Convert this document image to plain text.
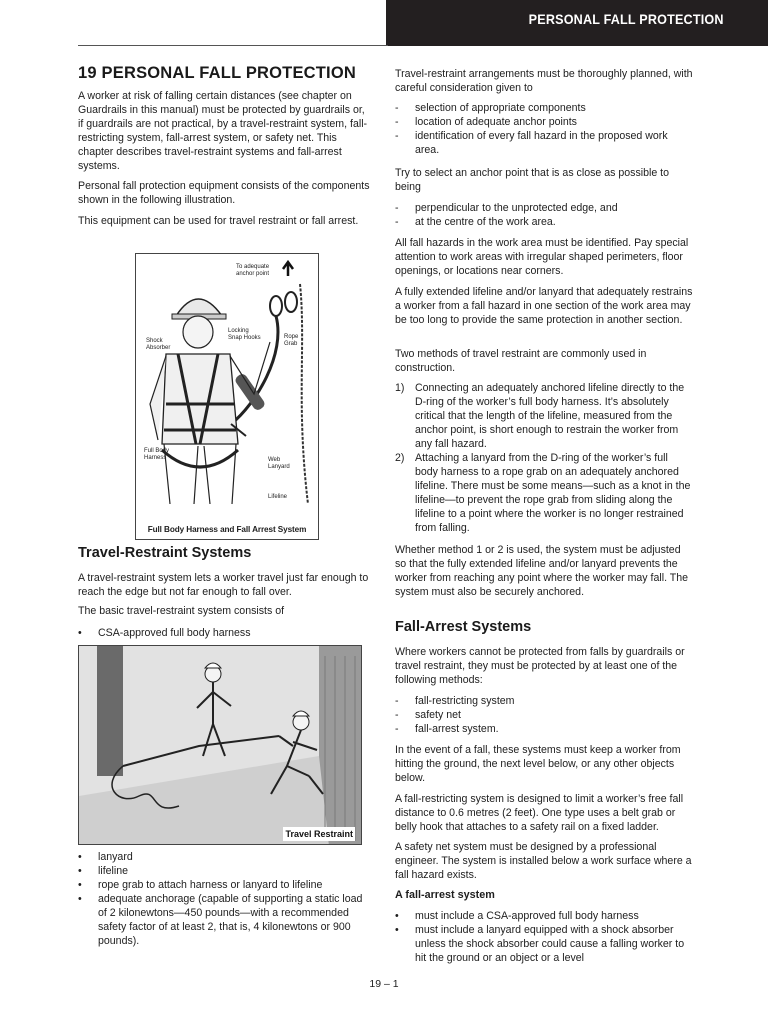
PERSONAL FALL PROTECTION
19 PERSONAL FALL PROTECTION
A worker at risk of falling certain distances (see chapter on Guardrails in this manual) must be protected by guardrails or, if guardrails are not practical, by a travel-restraint system, fall-restricting system, fall-arrest system, or safety net. This chapter describes travel-restraint systems and fall-arrest systems.
Personal fall protection equipment consists of the components shown in the following illustration.
This equipment can be used for travel restraint or fall arrest.
To adequate anchor point
Locking Snap Hooks
Shock Absorber
Rope Grab
Full Body Harness	Web Lanyard
Lifeline
Full Body Harness and Fall Arrest System
Travel-Restraint Systems
A travel-restraint system lets a worker travel just far enough to reach the edge but not far enough to fall over.
The basic travel-restraint system consists of
• CSA-approved full body harness
Travel Restraint
• lanyard
• lifeline
• rope grab to attach harness or lanyard to lifeline
• adequate anchorage (capable of supporting a static load of 2 kilonewtons—450 pounds—with a recommended safety factor of at least 2, that is, 4 kilonewtons or 900 pounds).
Travel-restraint arrangements must be thoroughly planned, with careful consideration given to
- selection of appropriate components
- location of adequate anchor points
- identification of every fall hazard in the proposed work area.
Try to select an anchor point that is as close as possible to being
- perpendicular to the unprotected edge, and
- at the centre of the work area.
All fall hazards in the work area must be identified. Pay special attention to work areas with irregular shaped perimeters, floor openings, or locations near corners.
A fully extended lifeline and/or lanyard that adequately restrains a worker from a fall hazard in one section of the work area may be too long to provide the same protection in another section.
Two methods of travel restraint are commonly used in construction.
1) Connecting an adequately anchored lifeline directly to the D-ring of the worker’s full body harness. It’s absolutely critical that the length of the lifeline, measured from the anchor point, is short enough to restrain the worker from any fall hazard.
2) Attaching a lanyard from the D-ring of the worker’s full body harness to a rope grab on an adequately anchored lifeline. There must be some means—such as a knot in the lifeline—to prevent the rope grab from sliding along the lifeline to a point where the worker is no longer restrained from falling.
Whether method 1 or 2 is used, the system must be adjusted so that the fully extended lifeline and/or lanyard prevents the worker from reaching any point where the worker may fall. The system must also be securely anchored.
Fall-Arrest Systems
Where workers cannot be protected from falls by guardrails or travel restraint, they must be protected by at least one of the following methods:
- fall-restricting system
- safety net
- fall-arrest system.
In the event of a fall, these systems must keep a worker from hitting the ground, the next level below, or any other objects below.
A fall-restricting system is designed to limit a worker’s free fall distance to 0.6 metres (2 feet). One type uses a belt grab or belly hook that attaches to a safety rail on a fixed ladder.
A safety net system must be designed by a professional engineer. The system is installed below a work surface where a fall hazard exists.
A fall-arrest system
• must include a CSA-approved full body harness
• must include a lanyard equipped with a shock absorber unless the shock absorber could cause a falling worker to hit the ground or an object or a level
19 – 1
